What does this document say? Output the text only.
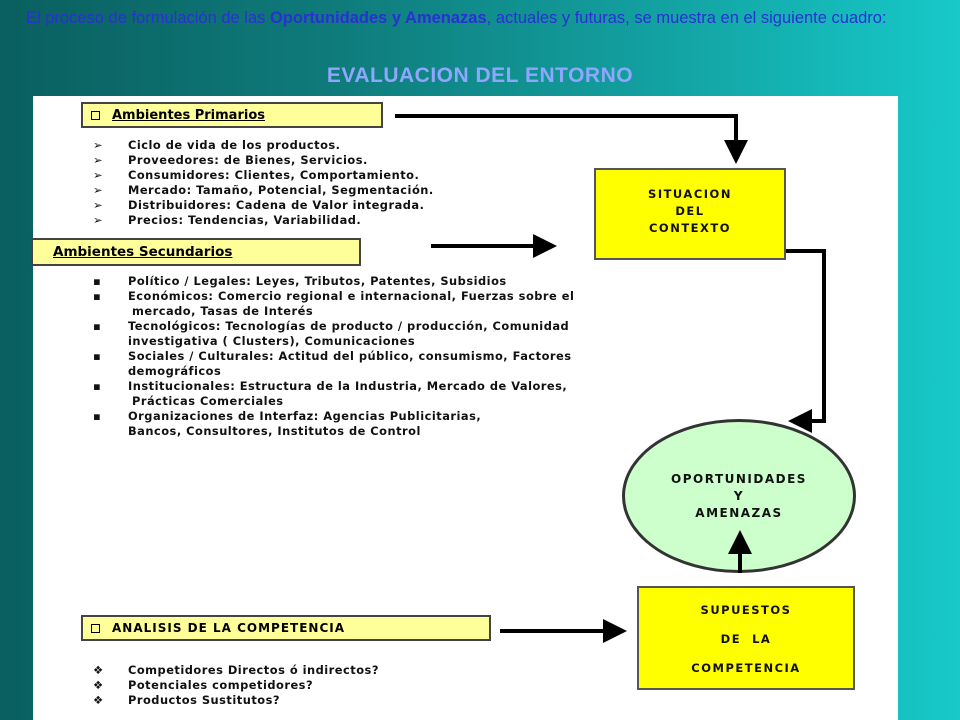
El proceso de formulación de las Oportunidades y Amenazas, actuales y futuras, se muestra en el siguiente cuadro:
EVALUACION DEL ENTORNO
Ambientes Primarios
➢ Ciclo de vida de los productos.
➢ Proveedores: de Bienes, Servicios.
➢ Consumidores: Clientes, Comportamiento.
➢ Mercado: Tamaño, Potencial, Segmentación.
➢ Distribuidores: Cadena de Valor integrada.
➢ Precios: Tendencias, Variabilidad.
Ambientes Secundarios
▪ Político / Legales: Leyes, Tributos, Patentes, Subsidios
▪ Económicos: Comercio regional e internacional, Fuerzas sobre el
mercado, Tasas de Interés
▪ Tecnológicos: Tecnologías de producto / producción, Comunidad
investigativa ( Clusters), Comunicaciones
▪ Sociales / Culturales: Actitud del público, consumismo, Factores
demográficos
▪ Institucionales: Estructura de la Industria, Mercado de Valores,
Prácticas Comerciales
▪ Organizaciones de Interfaz: Agencias Publicitarias,
Bancos, Consultores, Institutos de Control
SITUACION
DEL
CONTEXTO
OPORTUNIDADES
Y
AMENAZAS
SUPUESTOS
DE  LA
COMPETENCIA
ANALISIS DE LA COMPETENCIA
❖ Competidores Directos ó indirectos?
❖ Potenciales competidores?
❖ Productos Sustitutos?
